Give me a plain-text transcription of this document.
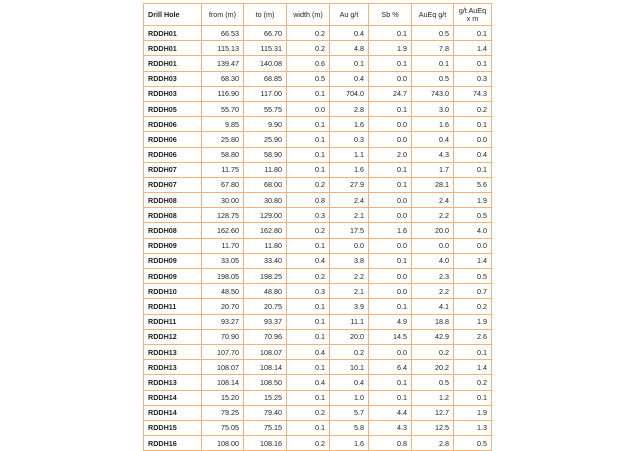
Drill Hole	from (m)	to (m)	width (m)	Au g/t	Sb %	AuEq g/t	g/t AuEq x m
RDDH01	66.53	66.70	0.2	0.4	0.1	0.5	0.1
RDDH01	115.13	115.31	0.2	4.8	1.9	7.8	1.4
RDDH01	139.47	140.08	0.6	0.1	0.1	0.1	0.1
RDDH03	68.30	68.85	0.5	0.4	0.0	0.5	0.3
RDDH03	116.90	117.00	0.1	704.0	24.7	743.0	74.3
RDDH05	55.70	55.75	0.0	2.8	0.1	3.0	0.2
RDDH06	9.85	9.90	0.1	1.6	0.0	1.6	0.1
RDDH06	25.80	25.90	0.1	0.3	0.0	0.4	0.0
RDDH06	58.80	58.90	0.1	1.1	2.0	4.3	0.4
RDDH07	11.75	11.80	0.1	1.6	0.1	1.7	0.1
RDDH07	67.80	68.00	0.2	27.9	0.1	28.1	5.6
RDDH08	30.00	30.80	0.8	2.4	0.0	2.4	1.9
RDDH08	128.75	129.00	0.3	2.1	0.0	2.2	0.5
RDDH08	162.60	162.80	0.2	17.5	1.6	20.0	4.0
RDDH09	11.70	11.80	0.1	0.0	0.0	0.0	0.0
RDDH09	33.05	33.40	0.4	3.8	0.1	4.0	1.4
RDDH09	198.05	198.25	0.2	2.2	0.0	2.3	0.5
RDDH10	48.50	48.80	0.3	2.1	0.0	2.2	0.7
RDDH11	20.70	20.75	0.1	3.9	0.1	4.1	0.2
RDDH11	93.27	93.37	0.1	11.1	4.9	18.8	1.9
RDDH12	70.90	70.96	0.1	20.0	14.5	42.9	2.6
RDDH13	107.70	108.07	0.4	0.2	0.0	0.2	0.1
RDDH13	108.07	108.14	0.1	10.1	6.4	20.2	1.4
RDDH13	108.14	108.50	0.4	0.4	0.1	0.5	0.2
RDDH14	15.20	15.25	0.1	1.0	0.1	1.2	0.1
RDDH14	79.25	79.40	0.2	5.7	4.4	12.7	1.9
RDDH15	75.05	75.15	0.1	5.8	4.3	12.5	1.3
RDDH16	108.00	108.16	0.2	1.6	0.8	2.8	0.5
